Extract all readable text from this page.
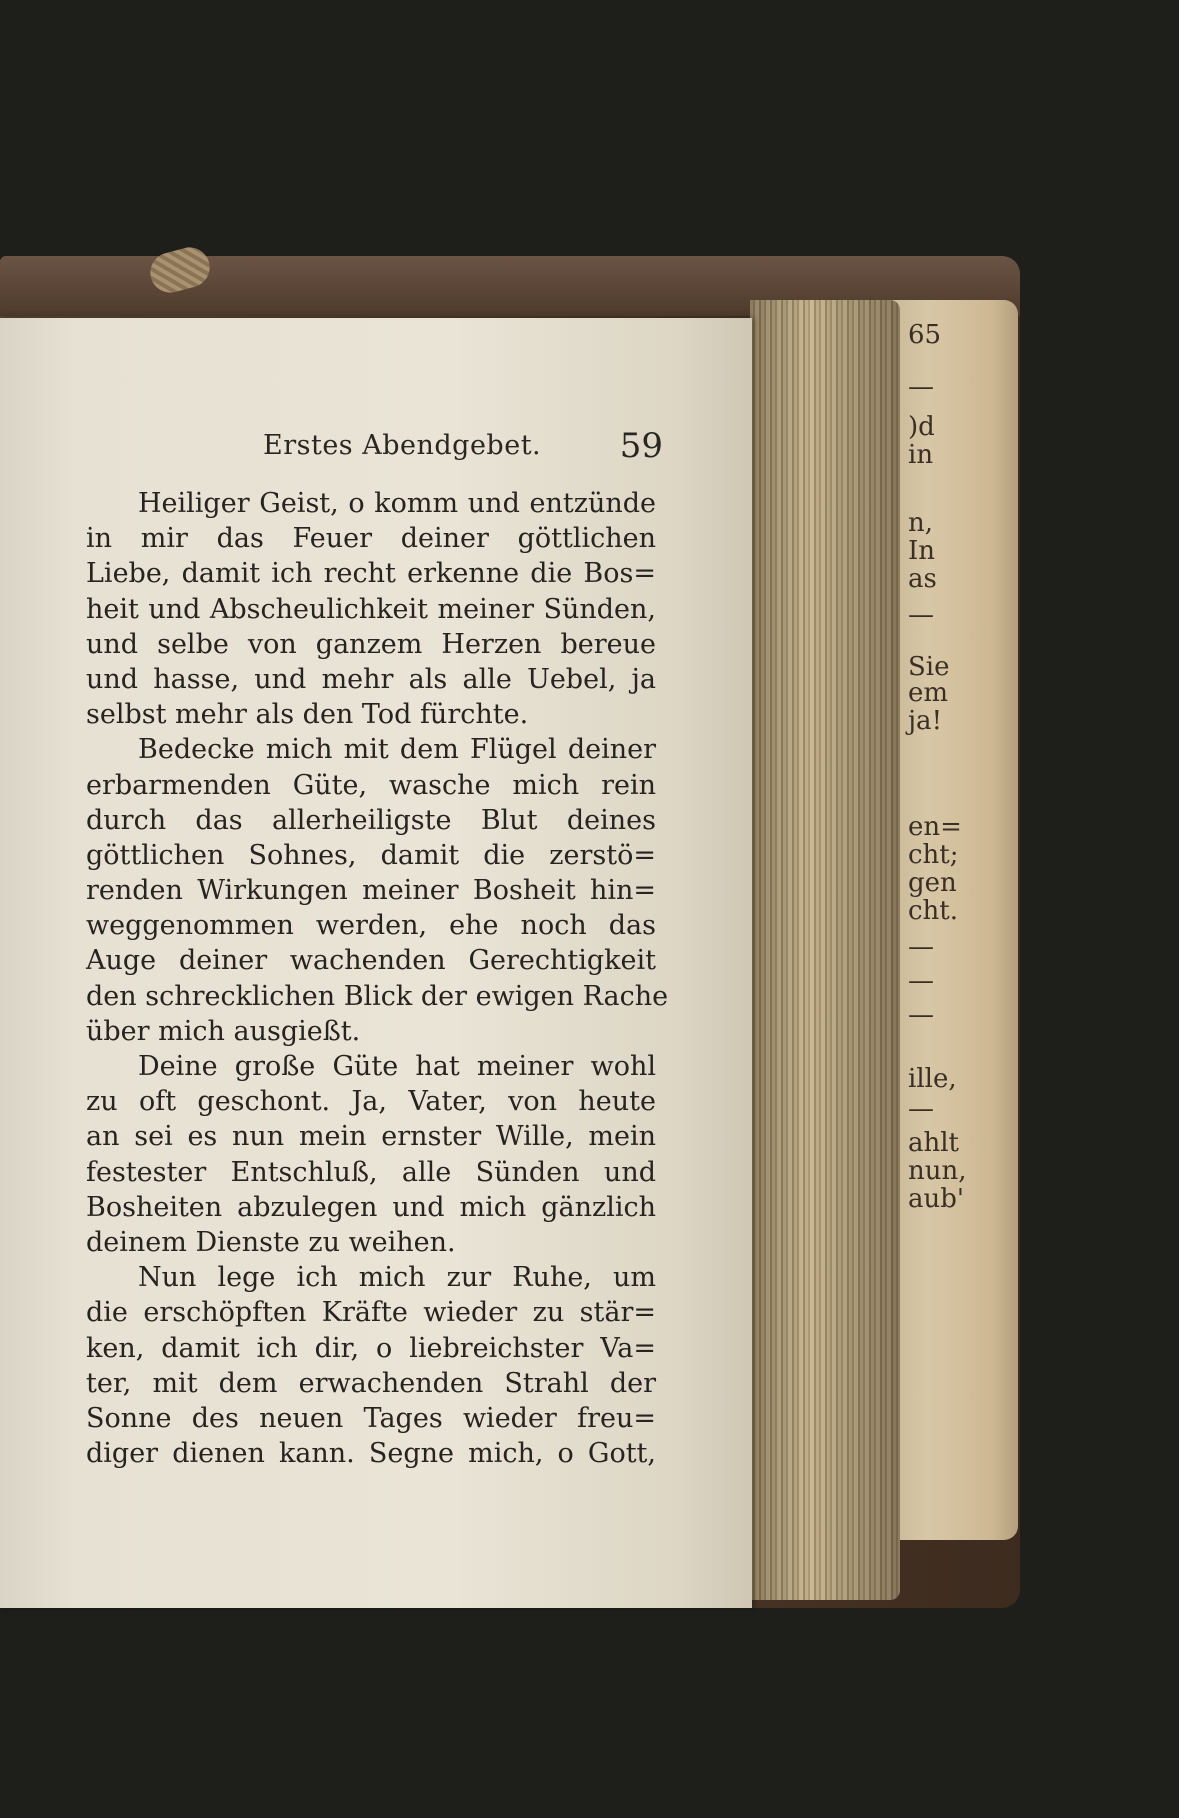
65
—
)d
in
n,
In
as
—
Sie
em
ja!
en=
cht;
gen
cht.
—
—
—
ille,
—
ahlt
nun,
aub'
Erstes Abendgebet. 59
Heiliger Geist, o komm und entzünde
in mir das Feuer deiner göttlichen
Liebe, damit ich recht erkenne die Bos=
heit und Abscheulichkeit meiner Sünden,
und selbe von ganzem Herzen bereue
und hasse, und mehr als alle Uebel, ja
selbst mehr als den Tod fürchte.
Bedecke mich mit dem Flügel deiner
erbarmenden Güte, wasche mich rein
durch das allerheiligste Blut deines
göttlichen Sohnes, damit die zerstö=
renden Wirkungen meiner Bosheit hin=
weggenommen werden, ehe noch das
Auge deiner wachenden Gerechtigkeit
den schrecklichen Blick der ewigen Rache
über mich ausgießt.
Deine große Güte hat meiner wohl
zu oft geschont. Ja, Vater, von heute
an sei es nun mein ernster Wille, mein
festester Entschluß, alle Sünden und
Bosheiten abzulegen und mich gänzlich
deinem Dienste zu weihen.
Nun lege ich mich zur Ruhe, um
die erschöpften Kräfte wieder zu stär=
ken, damit ich dir, o liebreichster Va=
ter, mit dem erwachenden Strahl der
Sonne des neuen Tages wieder freu=
diger dienen kann. Segne mich, o Gott,
